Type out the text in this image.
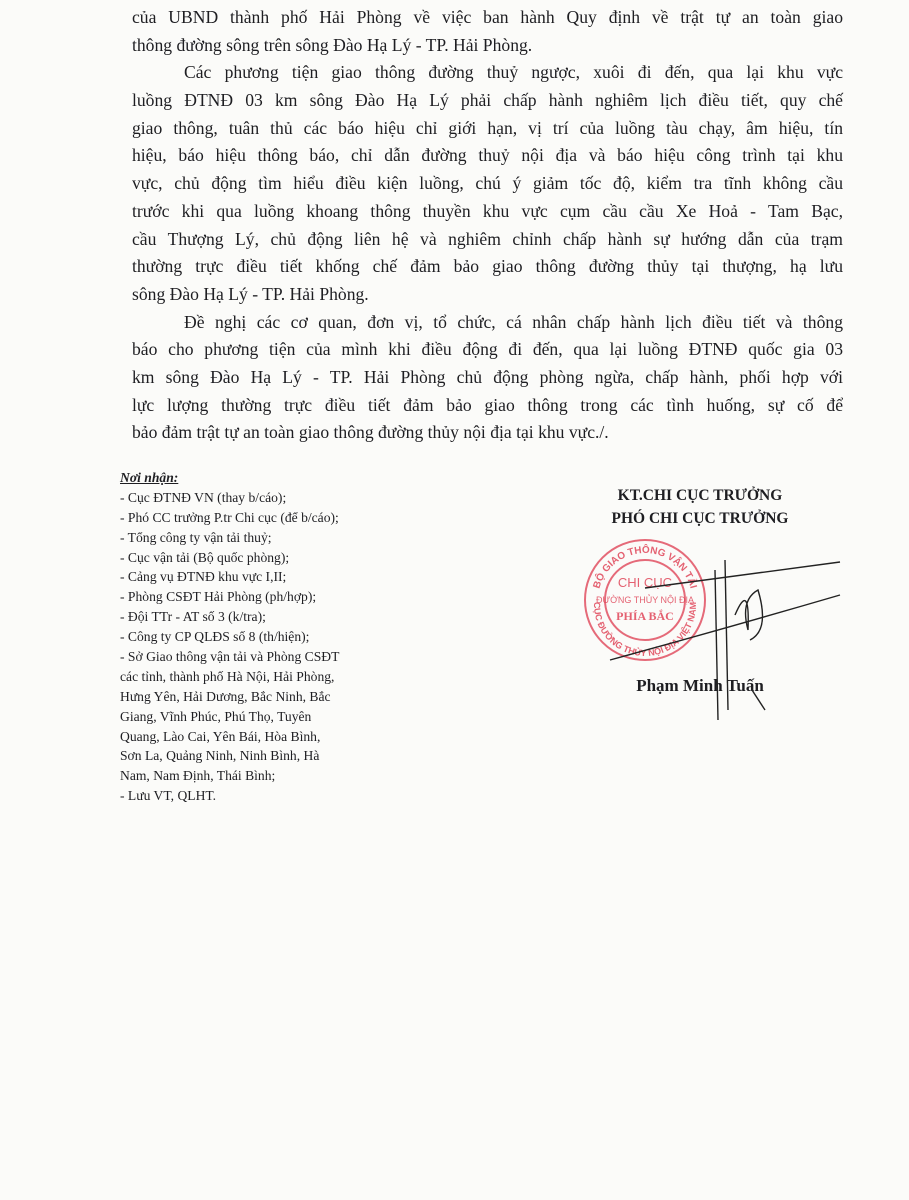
của UBND thành phố Hải Phòng về việc ban hành Quy định về trật tự an toàn giao
thông đường sông trên sông Đào Hạ Lý - TP. Hải Phòng.
Các phương tiện giao thông đường thuỷ ngược, xuôi đi đến, qua lại khu vực
luồng ĐTNĐ 03 km sông Đào Hạ Lý phải chấp hành nghiêm lịch điều tiết, quy chế
giao thông, tuân thủ các báo hiệu chỉ giới hạn, vị trí của luồng tàu chạy, âm hiệu, tín
hiệu, báo hiệu thông báo, chỉ dẫn đường thuỷ nội địa và báo hiệu công trình tại khu
vực, chủ động tìm hiểu điều kiện luồng, chú ý giảm tốc độ, kiểm tra tĩnh không cầu
trước khi qua luồng khoang thông thuyền khu vực cụm cầu cầu Xe Hoả - Tam Bạc,
cầu Thượng Lý, chủ động liên hệ và nghiêm chỉnh chấp hành sự hướng dẫn của trạm
thường trực điều tiết khống chế đảm bảo giao thông đường thủy tại thượng, hạ lưu
sông Đào Hạ Lý - TP. Hải Phòng.
Đề nghị các cơ quan, đơn vị, tổ chức, cá nhân chấp hành lịch điều tiết và thông
báo cho phương tiện của mình khi điều động đi đến, qua lại luồng ĐTNĐ quốc gia 03
km sông Đào Hạ Lý - TP. Hải Phòng chủ động phòng ngừa, chấp hành, phối hợp với
lực lượng thường trực điều tiết đảm bảo giao thông trong các tình huống, sự cố để
bảo đảm trật tự an toàn giao thông đường thủy nội địa tại khu vực./.
Nơi nhận:
- Cục ĐTNĐ VN (thay b/cáo);
- Phó CC trưởng P.tr Chi cục (để b/cáo);
- Tổng công ty vận tải thuỷ;
- Cục vận tải (Bộ quốc phòng);
- Cảng vụ ĐTNĐ khu vực I,II;
- Phòng CSĐT Hải Phòng (ph/hợp);
- Đội TTr - AT số 3 (k/tra);
- Công ty CP QLĐS số 8 (th/hiện);
- Sở Giao thông vận tải và Phòng CSĐT
các tỉnh, thành phố Hà Nội, Hải Phòng,
Hưng Yên, Hải Dương, Bắc Ninh, Bắc
Giang, Vĩnh Phúc, Phú Thọ, Tuyên
Quang, Lào Cai, Yên Bái, Hòa Bình,
Sơn La, Quảng Ninh, Ninh Bình, Hà
Nam, Nam Định, Thái Bình;
- Lưu VT, QLHT.
BỘ GIAO THÔNG VẬN TẢI
CỤC ĐƯỜNG THỦY NỘI ĐỊA VIỆT NAM
CHI CỤC
ĐƯỜNG THỦY NỘI ĐỊA
PHÍA BẮC
KT.CHI CỤC TRƯỞNG
PHÓ CHI CỤC TRƯỞNG
Phạm Minh Tuấn
